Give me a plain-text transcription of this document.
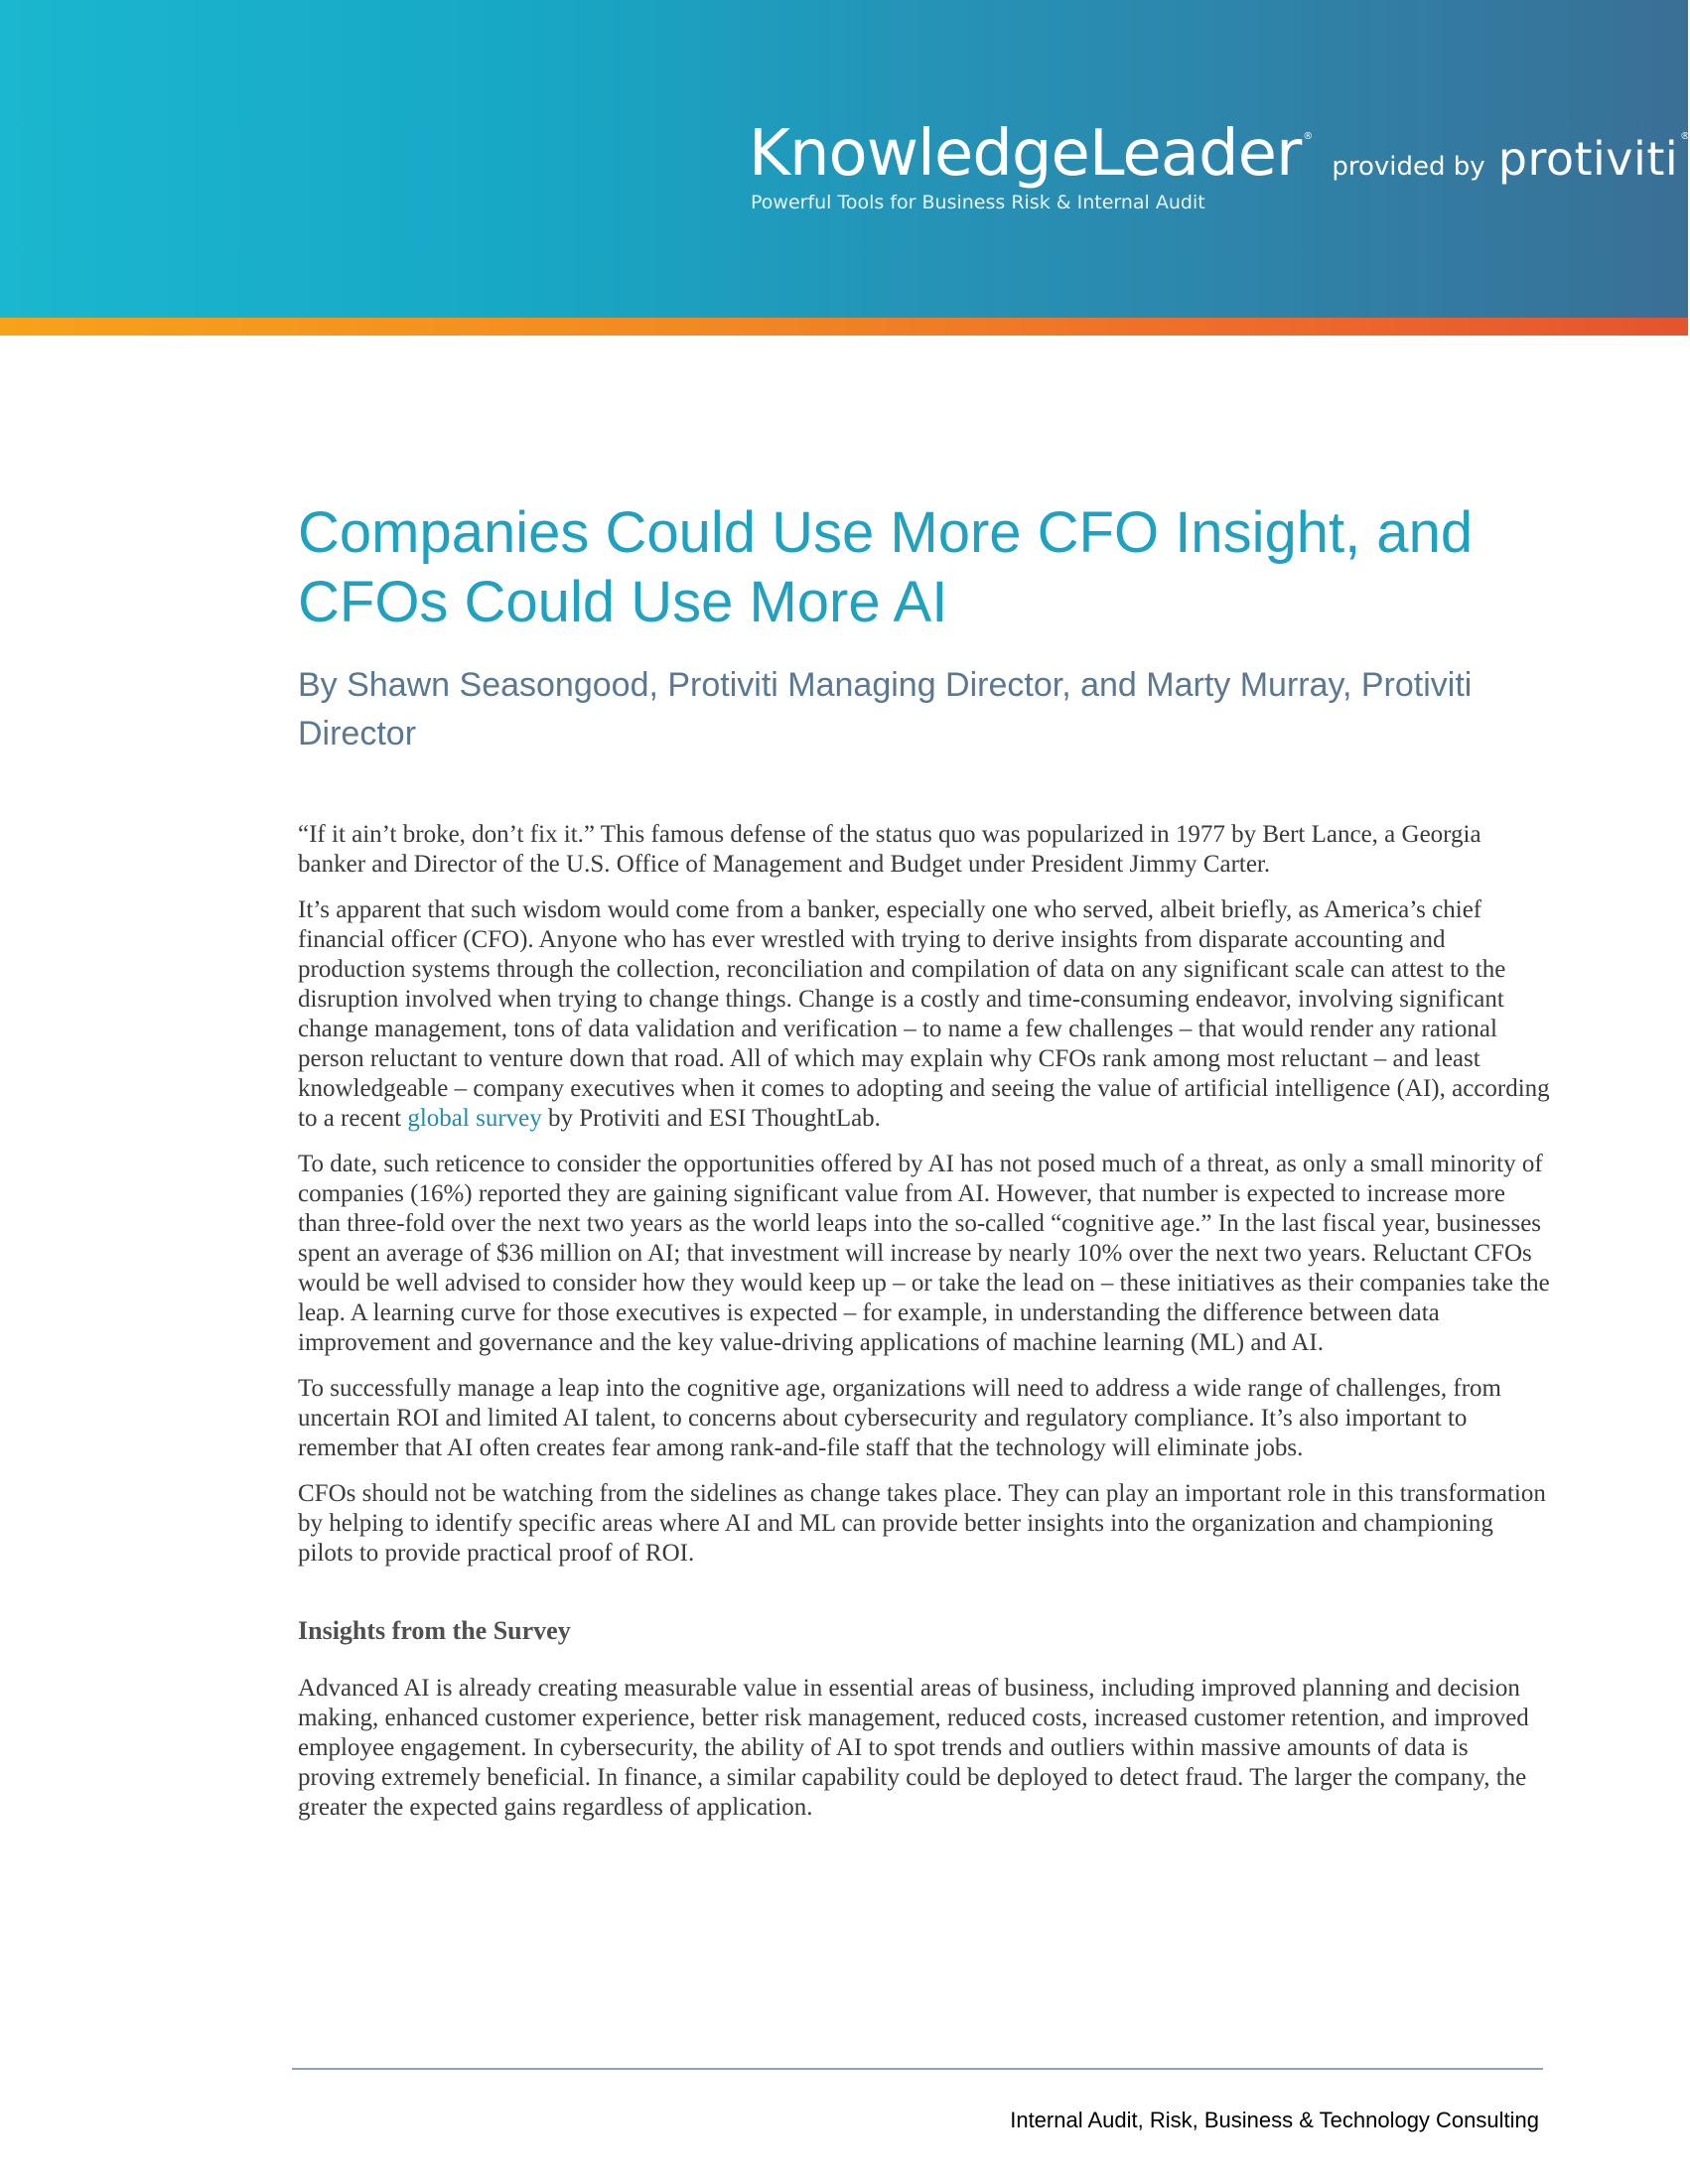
KnowledgeLeader ® provided by protiviti ®
Powerful Tools for Business Risk & Internal Audit
Companies Could Use More CFO Insight, and CFOs Could Use More AI
By Shawn Seasongood, Protiviti Managing Director, and Marty Murray, Protiviti Director

“If it ain’t broke, don’t fix it.” This famous defense of the status quo was popularized in 1977 by Bert Lance, a Georgia banker and Director of the U.S. Office of Management and Budget under President Jimmy Carter.

It’s apparent that such wisdom would come from a banker, especially one who served, albeit briefly, as America’s chief financial officer (CFO). Anyone who has ever wrestled with trying to derive insights from disparate accounting and production systems through the collection, reconciliation and compilation of data on any significant scale can attest to the disruption involved when trying to change things. Change is a costly and time-consuming endeavor, involving significant change management, tons of data validation and verification – to name a few challenges – that would render any rational person reluctant to venture down that road. All of which may explain why CFOs rank among most reluctant – and least knowledgeable – company executives when it comes to adopting and seeing the value of artificial intelligence (AI), according to a recent global survey by Protiviti and ESI ThoughtLab.

To date, such reticence to consider the opportunities offered by AI has not posed much of a threat, as only a small minority of companies (16%) reported they are gaining significant value from AI. However, that number is expected to increase more than three-fold over the next two years as the world leaps into the so-called “cognitive age.” In the last fiscal year, businesses spent an average of $36 million on AI; that investment will increase by nearly 10% over the next two years. Reluctant CFOs would be well advised to consider how they would keep up – or take the lead on – these initiatives as their companies take the leap. A learning curve for those executives is expected – for example, in understanding the difference between data improvement and governance and the key value-driving applications of machine learning (ML) and AI.

To successfully manage a leap into the cognitive age, organizations will need to address a wide range of challenges, from uncertain ROI and limited AI talent, to concerns about cybersecurity and regulatory compliance. It’s also important to remember that AI often creates fear among rank-and-file staff that the technology will eliminate jobs.

CFOs should not be watching from the sidelines as change takes place. They can play an important role in this transformation by helping to identify specific areas where AI and ML can provide better insights into the organization and championing pilots to provide practical proof of ROI.

Insights from the Survey

Advanced AI is already creating measurable value in essential areas of business, including improved planning and decision making, enhanced customer experience, better risk management, reduced costs, increased customer retention, and improved employee engagement. In cybersecurity, the ability of AI to spot trends and outliers within massive amounts of data is proving extremely beneficial. In finance, a similar capability could be deployed to detect fraud. The larger the company, the greater the expected gains regardless of application.

Internal Audit, Risk, Business & Technology Consulting
